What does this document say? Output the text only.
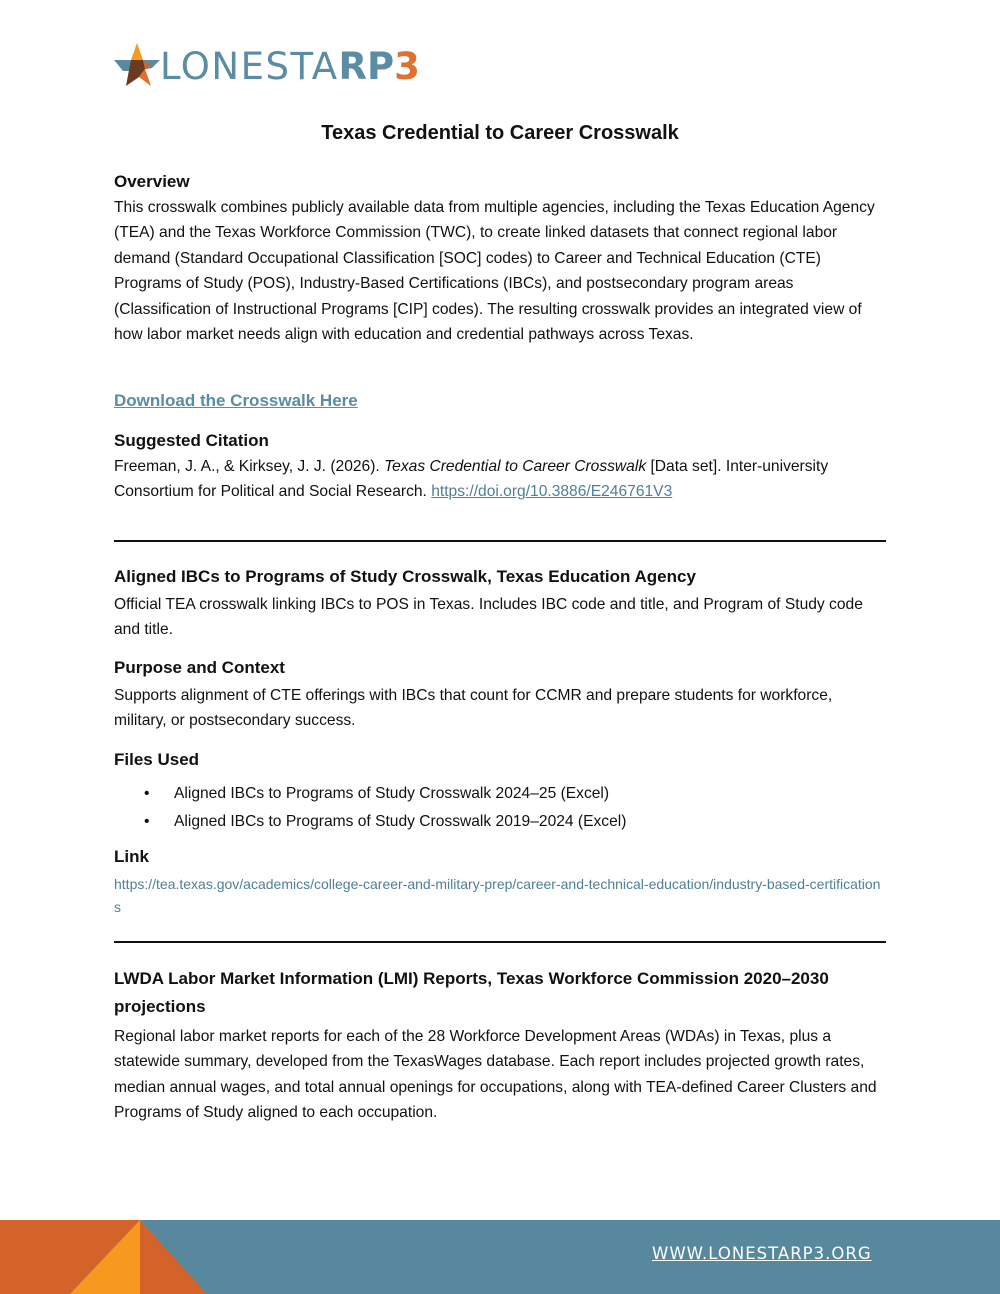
LONESTARP3
Texas Credential to Career Crosswalk
Overview

This crosswalk combines publicly available data from multiple agencies, including the Texas Education Agency (TEA) and the Texas Workforce Commission (TWC), to create linked datasets that connect regional labor demand (Standard Occupational Classification [SOC] codes) to Career and Technical Education (CTE) Programs of Study (POS), Industry-Based Certifications (IBCs), and postsecondary program areas (Classification of Instructional Programs [CIP] codes). The resulting crosswalk provides an integrated view of how labor market needs align with education and credential pathways across Texas.

Download the Crosswalk Here
Suggested Citation

Freeman, J. A., & Kirksey, J. J. (2026). Texas Credential to Career Crosswalk [Data set]. Inter-university Consortium for Political and Social Research. https://doi.org/10.3886/E246761V3

Aligned IBCs to Programs of Study Crosswalk, Texas Education Agency

Official TEA crosswalk linking IBCs to POS in Texas. Includes IBC code and title, and Program of Study code and title.

Purpose and Context

Supports alignment of CTE offerings with IBCs that count for CCMR and prepare students for workforce, military, or postsecondary success.

Files Used
• Aligned IBCs to Programs of Study Crosswalk 2024–25 (Excel)
• Aligned IBCs to Programs of Study Crosswalk 2019–2024 (Excel)
Link
https://tea.texas.gov/academics/college-career-and-military-prep/career-and-technical-education/industry-based-certifications
LWDA Labor Market Information (LMI) Reports, Texas Workforce Commission 2020–2030 projections

Regional labor market reports for each of the 28 Workforce Development Areas (WDAs) in Texas, plus a statewide summary, developed from the TexasWages database. Each report includes projected growth rates, median annual wages, and total annual openings for occupations, along with TEA-defined Career Clusters and Programs of Study aligned to each occupation.

WWW.LONESTARP3.ORG
